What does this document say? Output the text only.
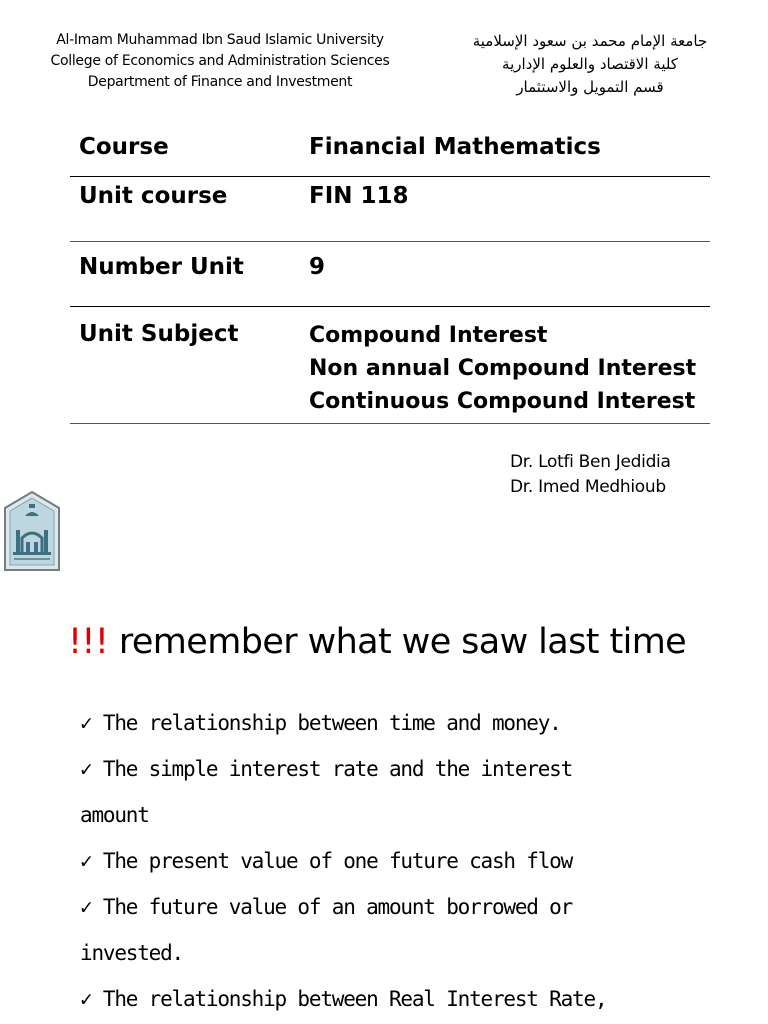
Al-Imam Muhammad Ibn Saud Islamic University
College of Economics and Administration Sciences
Department of Finance and Investment
جامعة الإمام محمد بن سعود الإسلامية
كلية الاقتصاد والعلوم الإدارية
قسم التمويل والاستثمار
Course	Financial Mathematics
Unit course	FIN 118
Number Unit	9
Unit Subject	Compound Interest
Non annual Compound Interest
Continuous Compound Interest
Dr. Lotfi Ben Jedidia
Dr. Imed Medhioub
!!! remember what we saw last time
✓ The relationship between time and money.
✓ The simple interest rate and the interest
amount
✓ The present value of one future cash flow
✓ The future value of an amount borrowed or
invested.
✓ The relationship between Real Interest Rate,
